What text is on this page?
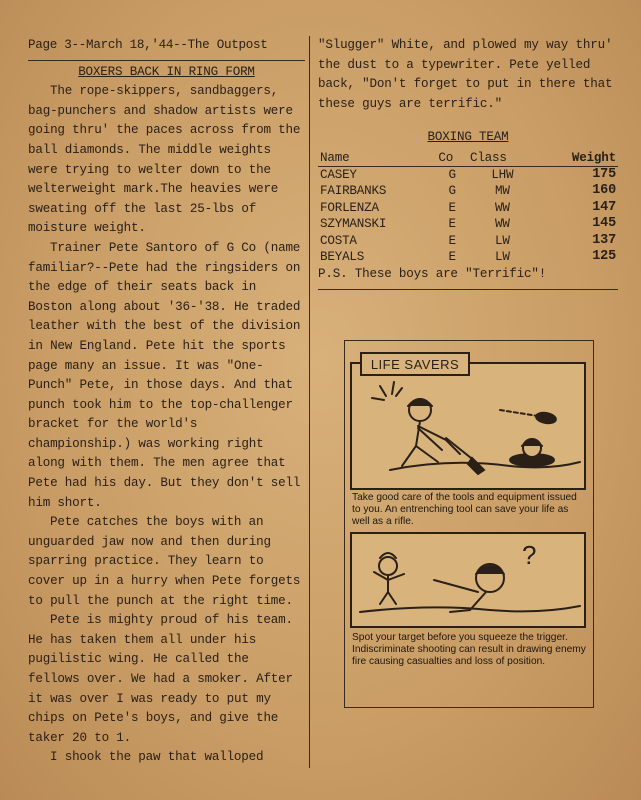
Page 3--March 18,'44--The Outpost
BOXERS BACK IN RING FORM

The rope-skippers, sandbaggers, bag-punchers and shadow artists were going thru' the paces across from the ball diamonds. The middle weights were trying to welter down to the welterweight mark.The heavies were sweating off the last 25-lbs of moisture weight.

Trainer Pete Santoro of G Co (name familiar?--Pete had the ringsiders on the edge of their seats back in Boston along about '36-'38. He traded leather with the best of the division in New England. Pete hit the sports page many an issue. It was "One-Punch" Pete, in those days. And that punch took him to the top-challenger bracket for the world's championship.) was working right along with them. The men agree that Pete had his day. But they don't sell him short.

Pete catches the boys with an unguarded jaw now and then during sparring practice. They learn to cover up in a hurry when Pete forgets to pull the punch at the right time.

Pete is mighty proud of his team. He has taken them all under his pugilistic wing. He called the fellows over. We had a smoker. After it was over I was ready to put my chips on Pete's boys, and give the taker 20 to 1.

I shook the paw that walloped

"Slugger" White, and plowed my way thru' the dust to a typewriter. Pete yelled back, "Don't forget to put in there that these guys are terrific."

BOXING TEAM
Name	Co	Class	Weight
CASEY	G	LHW	175
FAIRBANKS	G	MW	160
FORLENZA	E	WW	147
SZYMANSKI	E	WW	145
COSTA	E	LW	137
BEYALS	E	LW	125

P.S. These boys are "Terrific"!

LIFE SAVERS
Take good care of the tools and equipment issued to you. An entrenching tool can save your life as well as a rifle.
?
Spot your target before you squeeze the trigger. Indiscriminate shooting can result in drawing enemy fire causing casualties and loss of position.
